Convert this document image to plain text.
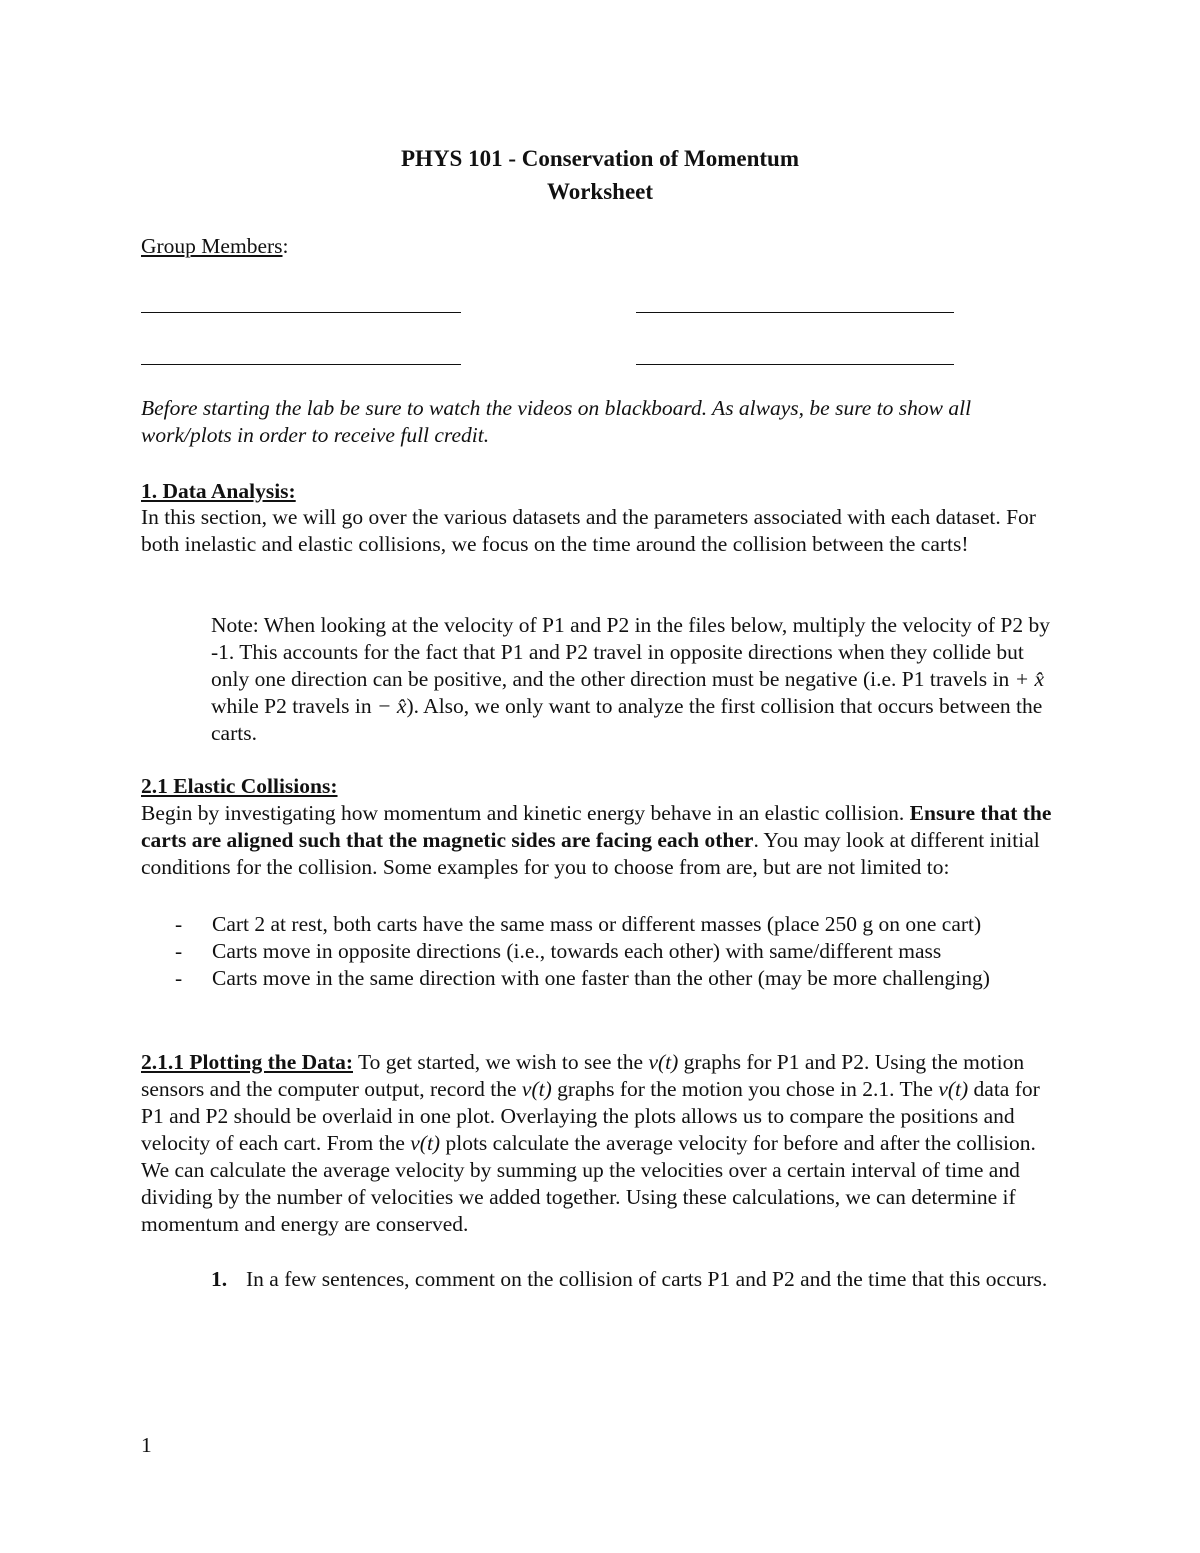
PHYS 101 - Conservation of Momentum
Worksheet
Group Members:
Before starting the lab be sure to watch the videos on blackboard. As always, be sure to show all work/plots in order to receive full credit.
1. Data Analysis:
In this section, we will go over the various datasets and the parameters associated with each dataset. For both inelastic and elastic collisions, we focus on the time around the collision between the carts!
Note: When looking at the velocity of P1 and P2 in the files below, multiply the velocity of P2 by -1. This accounts for the fact that P1 and P2 travel in opposite directions when they collide but only one direction can be positive, and the other direction must be negative (i.e. P1 travels in + x̂ while P2 travels in − x̂). Also, we only want to analyze the first collision that occurs between the carts.
2.1 Elastic Collisions:
Begin by investigating how momentum and kinetic energy behave in an elastic collision. Ensure that the carts are aligned such that the magnetic sides are facing each other. You may look at different initial conditions for the collision. Some examples for you to choose from are, but are not limited to:
- Cart 2 at rest, both carts have the same mass or different masses (place 250 g on one cart)
- Carts move in opposite directions (i.e., towards each other) with same/different mass
- Carts move in the same direction with one faster than the other (may be more challenging)
2.1.1 Plotting the Data: To get started, we wish to see the v(t) graphs for P1 and P2. Using the motion sensors and the computer output, record the v(t) graphs for the motion you chose in 2.1. The v(t) data for P1 and P2 should be overlaid in one plot. Overlaying the plots allows us to compare the positions and velocity of each cart. From the v(t) plots calculate the average velocity for before and after the collision. We can calculate the average velocity by summing up the velocities over a certain interval of time and dividing by the number of velocities we added together. Using these calculations, we can determine if momentum and energy are conserved.
1. In a few sentences, comment on the collision of carts P1 and P2 and the time that this occurs.
1
